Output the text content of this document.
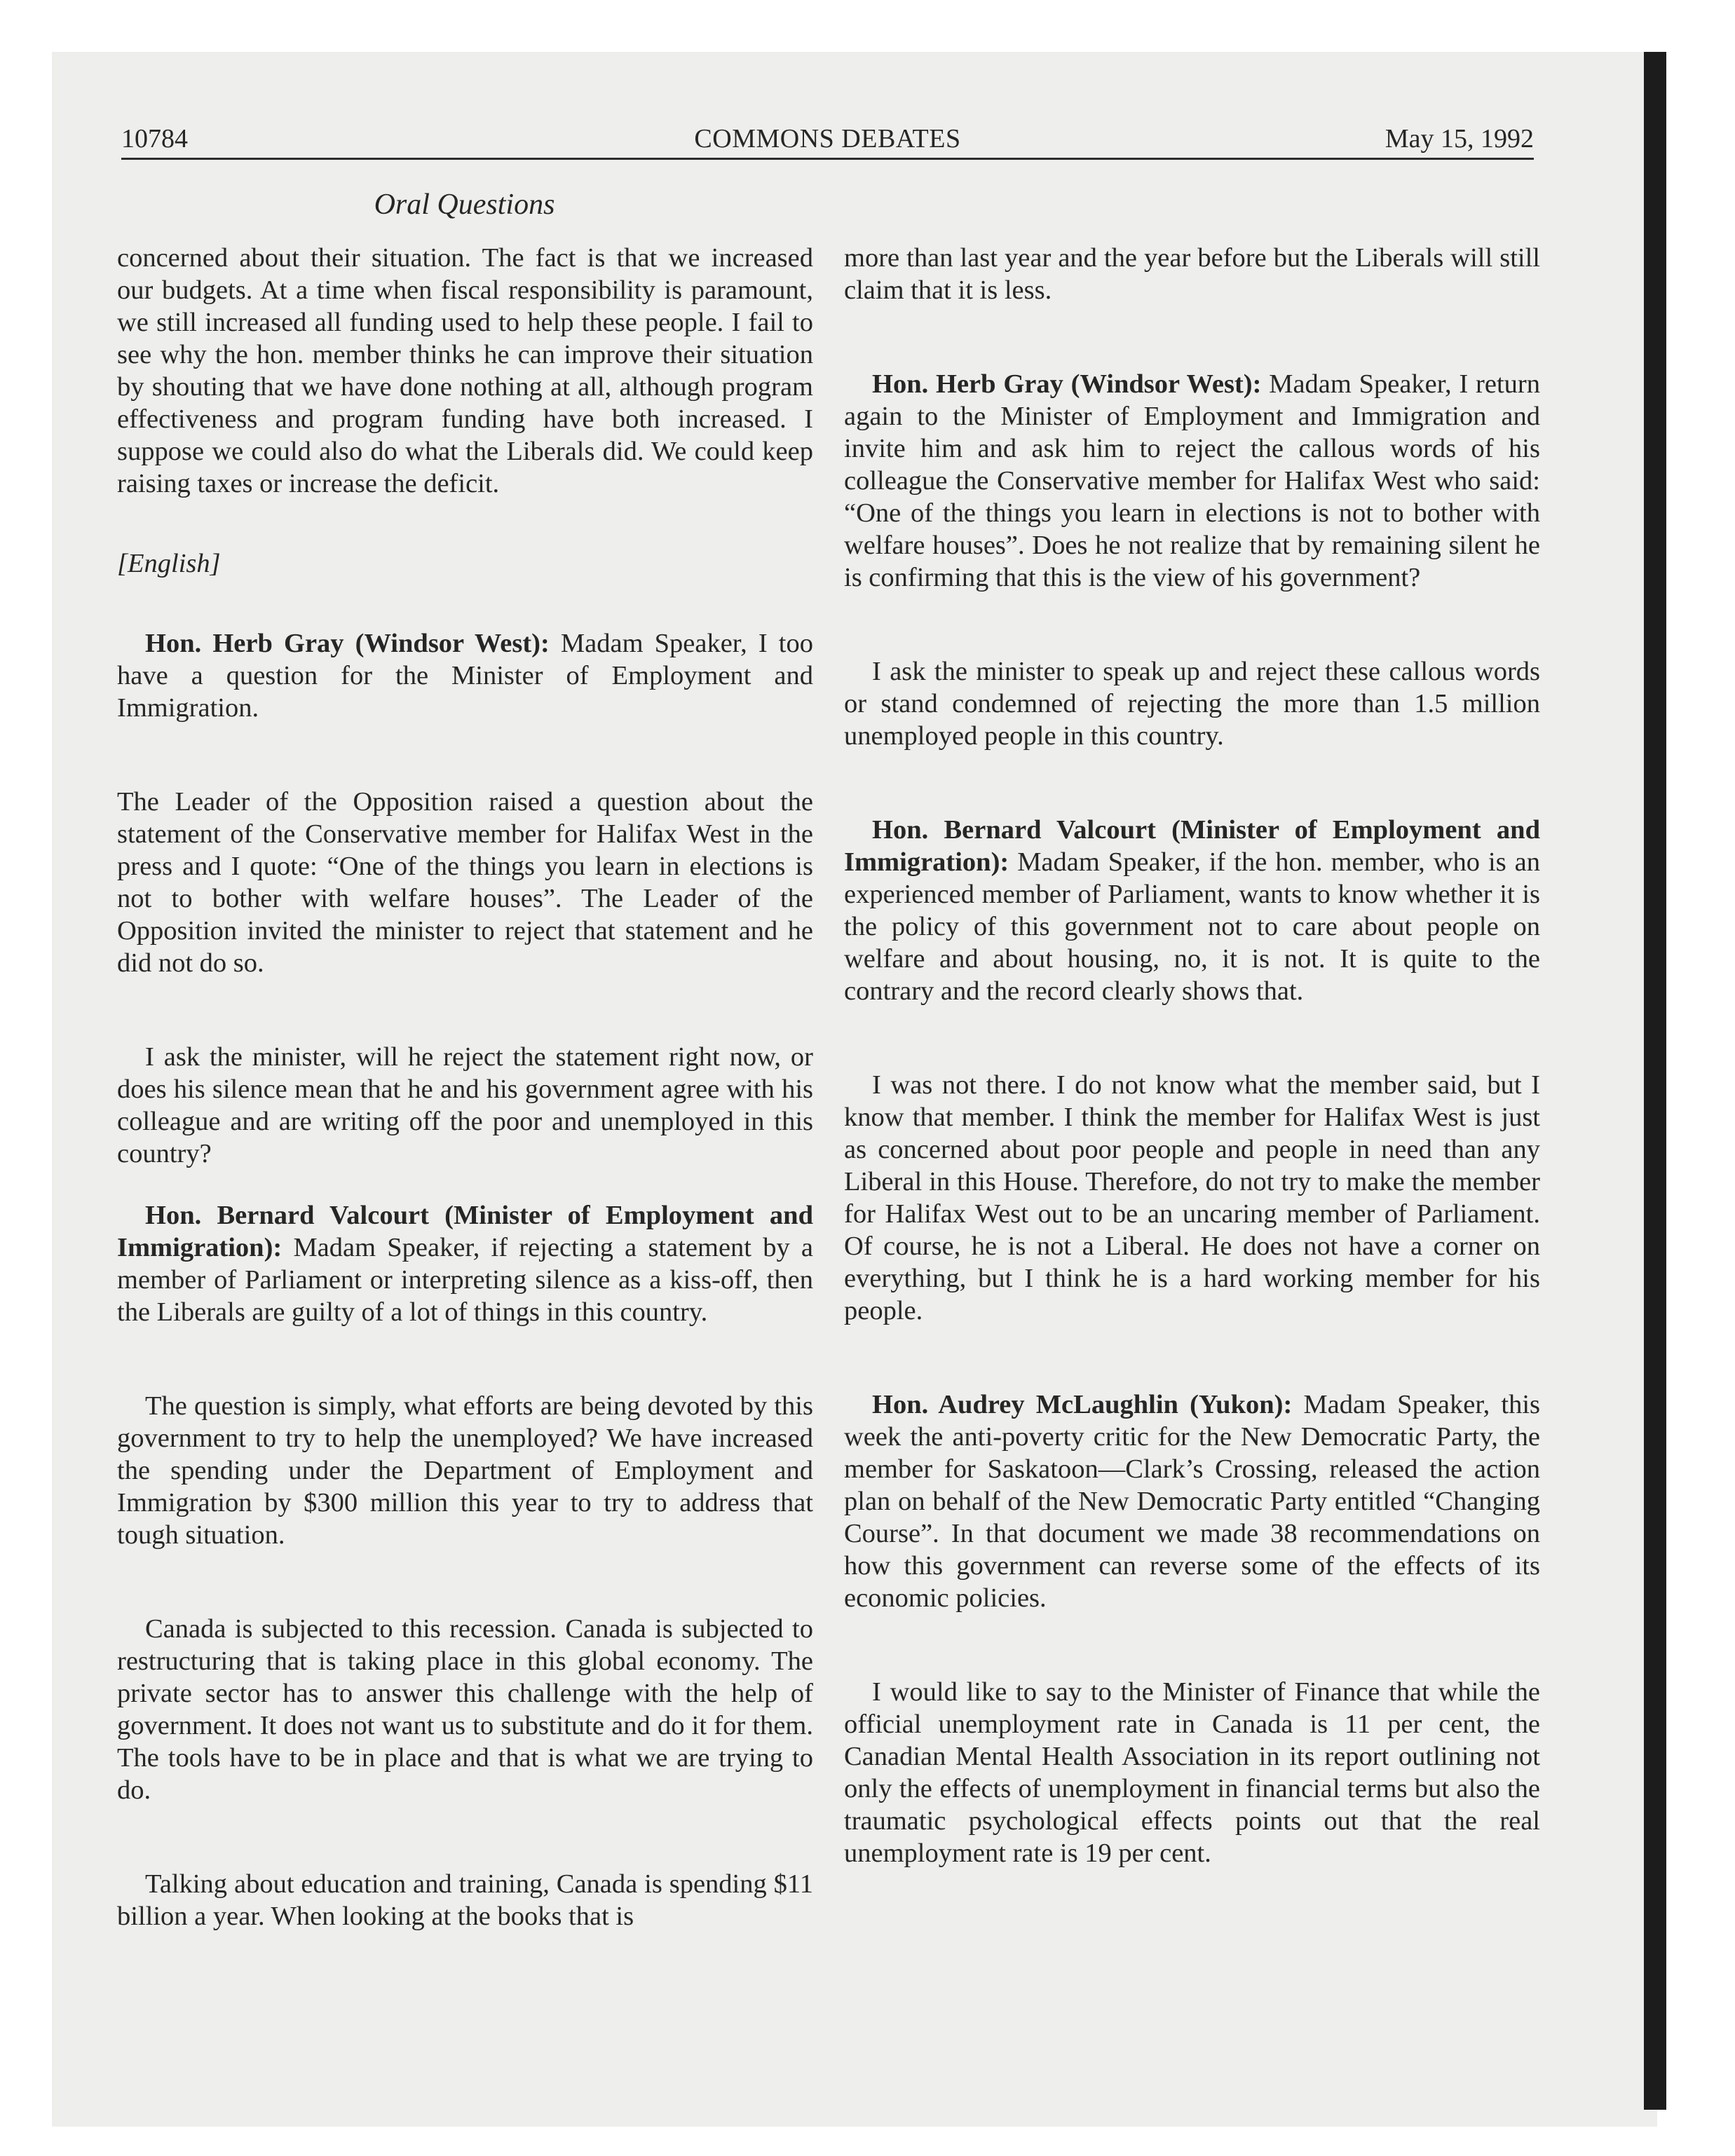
10784	COMMONS DEBATES	May 15, 1992
Oral Questions

concerned about their situation. The fact is that we increased our budgets. At a time when fiscal responsibility is paramount, we still increased all funding used to help these people. I fail to see why the hon. member thinks he can improve their situation by shouting that we have done nothing at all, although program effectiveness and program funding have both increased. I suppose we could also do what the Liberals did. We could keep raising taxes or increase the deficit.

[English]

Hon. Herb Gray (Windsor West): Madam Speaker, I too have a question for the Minister of Employment and Immigration.

The Leader of the Opposition raised a question about the statement of the Conservative member for Halifax West in the press and I quote: “One of the things you learn in elections is not to bother with welfare houses”. The Leader of the Opposition invited the minister to reject that statement and he did not do so.

I ask the minister, will he reject the statement right now, or does his silence mean that he and his government agree with his colleague and are writing off the poor and unemployed in this country?

Hon. Bernard Valcourt (Minister of Employment and Immigration): Madam Speaker, if rejecting a statement by a member of Parliament or interpreting silence as a kiss-off, then the Liberals are guilty of a lot of things in this country.

The question is simply, what efforts are being devoted by this government to try to help the unemployed? We have increased the spending under the Department of Employment and Immigration by $300 million this year to try to address that tough situation.

Canada is subjected to this recession. Canada is subjected to restructuring that is taking place in this global economy. The private sector has to answer this challenge with the help of government. It does not want us to substitute and do it for them. The tools have to be in place and that is what we are trying to do.

Talking about education and training, Canada is spending $11 billion a year. When looking at the books that is

more than last year and the year before but the Liberals will still claim that it is less.

Hon. Herb Gray (Windsor West): Madam Speaker, I return again to the Minister of Employment and Immigration and invite him and ask him to reject the callous words of his colleague the Conservative member for Halifax West who said: “One of the things you learn in elections is not to bother with welfare houses”. Does he not realize that by remaining silent he is confirming that this is the view of his government?

I ask the minister to speak up and reject these callous words or stand condemned of rejecting the more than 1.5 million unemployed people in this country.

Hon. Bernard Valcourt (Minister of Employment and Immigration): Madam Speaker, if the hon. member, who is an experienced member of Parliament, wants to know whether it is the policy of this government not to care about people on welfare and about housing, no, it is not. It is quite to the contrary and the record clearly shows that.

I was not there. I do not know what the member said, but I know that member. I think the member for Halifax West is just as concerned about poor people and people in need than any Liberal in this House. Therefore, do not try to make the member for Halifax West out to be an uncaring member of Parliament. Of course, he is not a Liberal. He does not have a corner on everything, but I think he is a hard working member for his people.

Hon. Audrey McLaughlin (Yukon): Madam Speaker, this week the anti-poverty critic for the New Democratic Party, the member for Saskatoon—Clark’s Crossing, released the action plan on behalf of the New Democratic Party entitled “Changing Course”. In that document we made 38 recommendations on how this government can reverse some of the effects of its economic policies.

I would like to say to the Minister of Finance that while the official unemployment rate in Canada is 11 per cent, the Canadian Mental Health Association in its report outlining not only the effects of unemployment in financial terms but also the traumatic psychological effects points out that the real unemployment rate is 19 per cent.
